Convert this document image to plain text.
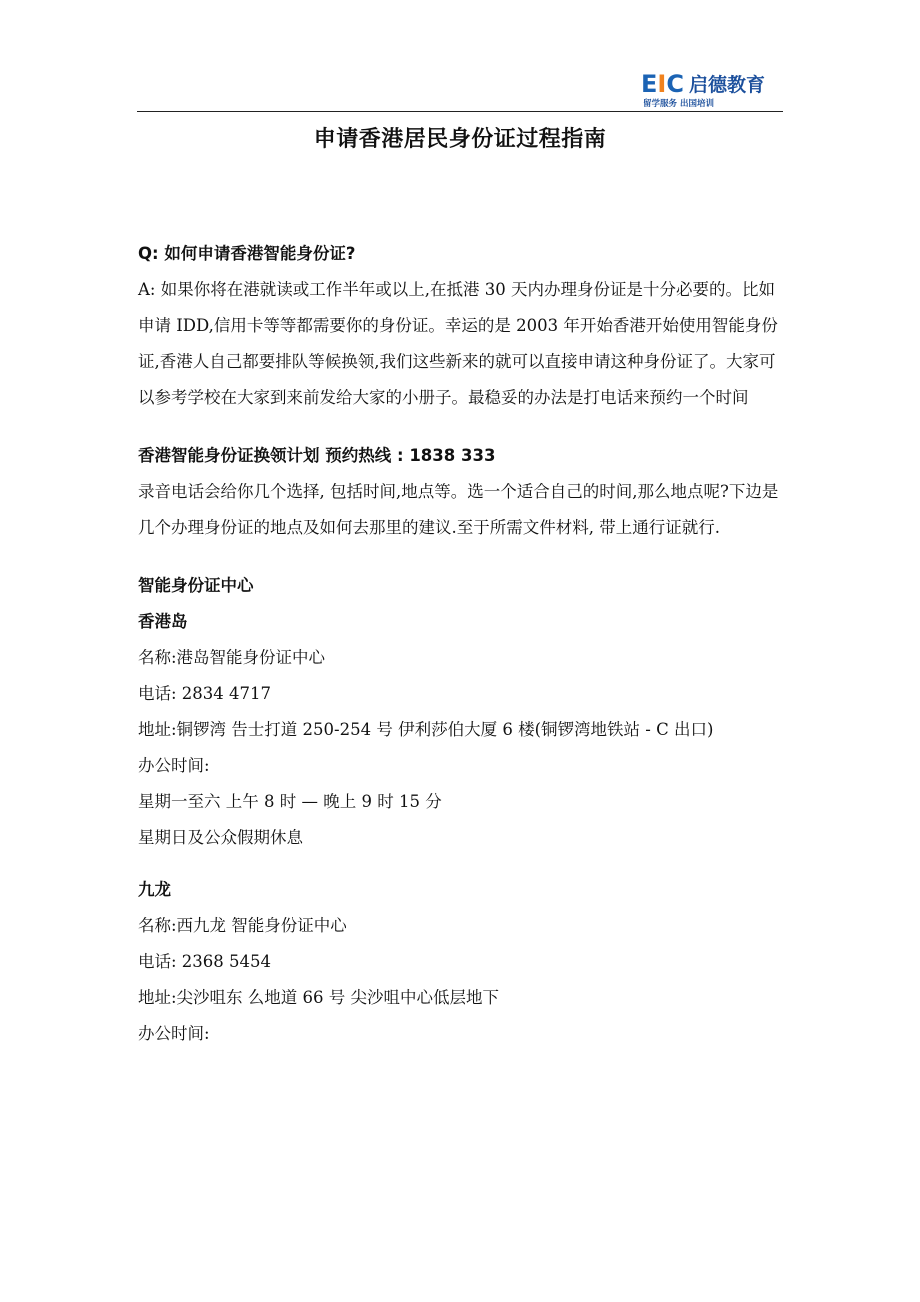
EIC 启德教育
留学服务 出国培训
申请香港居民身份证过程指南

Q: 如何申请香港智能身份证?

A: 如果你将在港就读或工作半年或以上,在抵港 30 天内办理身份证是十分必要的。比如申请 IDD,信用卡等等都需要你的身份证。幸运的是 2003 年开始香港开始使用智能身份证,香港人自己都要排队等候换领,我们这些新来的就可以直接申请这种身份证了。大家可以参考学校在大家到来前发给大家的小册子。最稳妥的办法是打电话来预约一个时间

香港智能身份证换领计划 预约热线 : 1838 333

录音电话会给你几个选择, 包括时间,地点等。选一个适合自己的时间,那么地点呢?下边是几个办理身份证的地点及如何去那里的建议.至于所需文件材料, 带上通行证就行.

智能身份证中心

香港岛

名称:港岛智能身份证中心

电话: 2834 4717

地址:铜锣湾 告士打道 250-254 号 伊利莎伯大厦 6 楼(铜锣湾地铁站 - C 出口)

办公时间:

星期一至六 上午 8 时 — 晚上 9 时 15 分

星期日及公众假期休息

九龙

名称:西九龙 智能身份证中心

电话: 2368 5454

地址:尖沙咀东 么地道 66 号 尖沙咀中心低层地下

办公时间:
